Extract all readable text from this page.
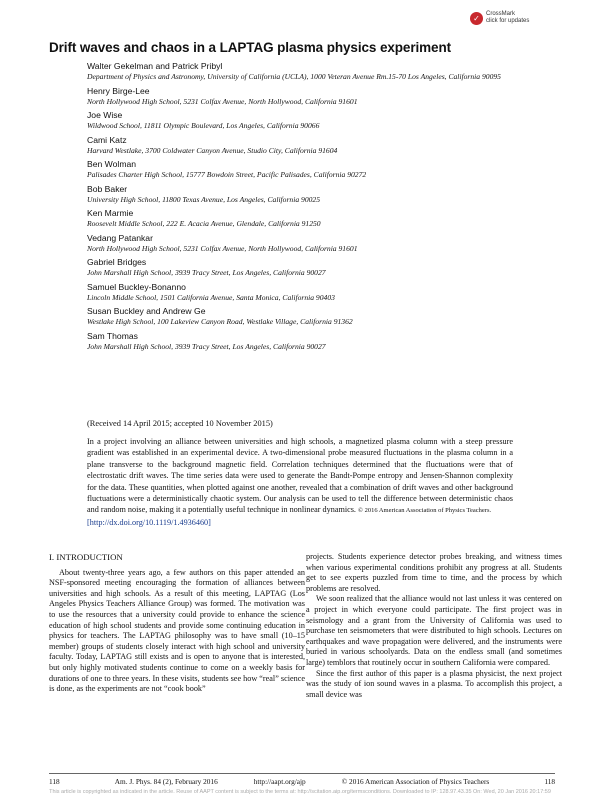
✓	CrossMark
click for updates
Drift waves and chaos in a LAPTAG plasma physics experiment
Walter Gekelman and Patrick Pribyl
Department of Physics and Astronomy, University of California (UCLA), 1000 Veteran Avenue Rm.15-70 Los Angeles, California 90095
Henry Birge-Lee
North Hollywood High School, 5231 Colfax Avenue, North Hollywood, California 91601
Joe Wise
Wildwood School, 11811 Olympic Boulevard, Los Angeles, California 90066
Cami Katz
Harvard Westlake, 3700 Coldwater Canyon Avenue, Studio City, California 91604
Ben Wolman
Palisades Charter High School, 15777 Bowdoin Street, Pacific Palisades, California 90272
Bob Baker
University High School, 11800 Texas Avenue, Los Angeles, California 90025
Ken Marmie
Roosevelt Middle School, 222 E. Acacia Avenue, Glendale, California 91250
Vedang Patankar
North Hollywood High School, 5231 Colfax Avenue, North Hollywood, California 91601
Gabriel Bridges
John Marshall High School, 3939 Tracy Street, Los Angeles, California 90027
Samuel Buckley-Bonanno
Lincoln Middle School, 1501 California Avenue, Santa Monica, California 90403
Susan Buckley and Andrew Ge
Westlake High School, 100 Lakeview Canyon Road, Westlake Village, California 91362
Sam Thomas
John Marshall High School, 3939 Tracy Street, Los Angeles, California 90027
(Received 14 April 2015; accepted 10 November 2015)
In a project involving an alliance between universities and high schools, a magnetized plasma column with a steep pressure gradient was established in an experimental device. A two-dimensional probe measured fluctuations in the plasma column in a plane transverse to the background magnetic field. Correlation techniques determined that the fluctuations were that of electrostatic drift waves. The time series data were used to generate the Bandt-Pompe entropy and Jensen-Shannon complexity for the data. These quantities, when plotted against one another, revealed that a combination of drift waves and other background fluctuations were a deterministically chaotic system. Our analysis can be used to tell the difference between deterministic chaos and random noise, making it a potentially useful technique in nonlinear dynamics. © 2016 American Association of Physics Teachers.
[http://dx.doi.org/10.1119/1.4936460]
I. INTRODUCTION

About twenty-three years ago, a few authors on this paper attended an NSF-sponsored meeting encouraging the formation of alliances between universities and high schools. As a result of this meeting, LAPTAG (Los Angeles Physics Teachers Alliance Group) was formed. The motivation was to use the resources that a university could provide to enhance the science education of high school students and provide some continuing education in physics for teachers. The LAPTAG philosophy was to have small (10–15 member) groups of students closely interact with high school and university faculty. Today, LAPTAG still exists and is open to anyone that is interested, but only highly motivated students continue to come on a weekly basis for durations of one to three years. In these visits, students see how “real” science is done, as the experiments are not “cook book”

projects. Students experience detector probes breaking, and witness times when various experimental conditions prohibit any progress at all. Students get to see experts puzzled from time to time, and the process by which problems are resolved.

We soon realized that the alliance would not last unless it was centered on a project in which everyone could participate. The first project was in seismology and a grant from the University of California was used to purchase ten seismometers that were distributed to high schools. Lectures on earthquakes and wave propagation were delivered, and the instruments were buried in various schoolyards. Data on the endless small (and sometimes large) temblors that routinely occur in southern California were compared.

Since the first author of this paper is a plasma physicist, the next project was the study of ion sound waves in a plasma. To accomplish this project, a small device was

118	Am. J. Phys. 84 (2), February 2016	http://aapt.org/ajp	© 2016 American Association of Physics Teachers	118
This article is copyrighted as indicated in the article. Reuse of AAPT content is subject to the terms at: http://scitation.aip.org/termsconditions. Downloaded to IP: 128.97.43.35 On: Wed, 20 Jan 2016 20:17:59
